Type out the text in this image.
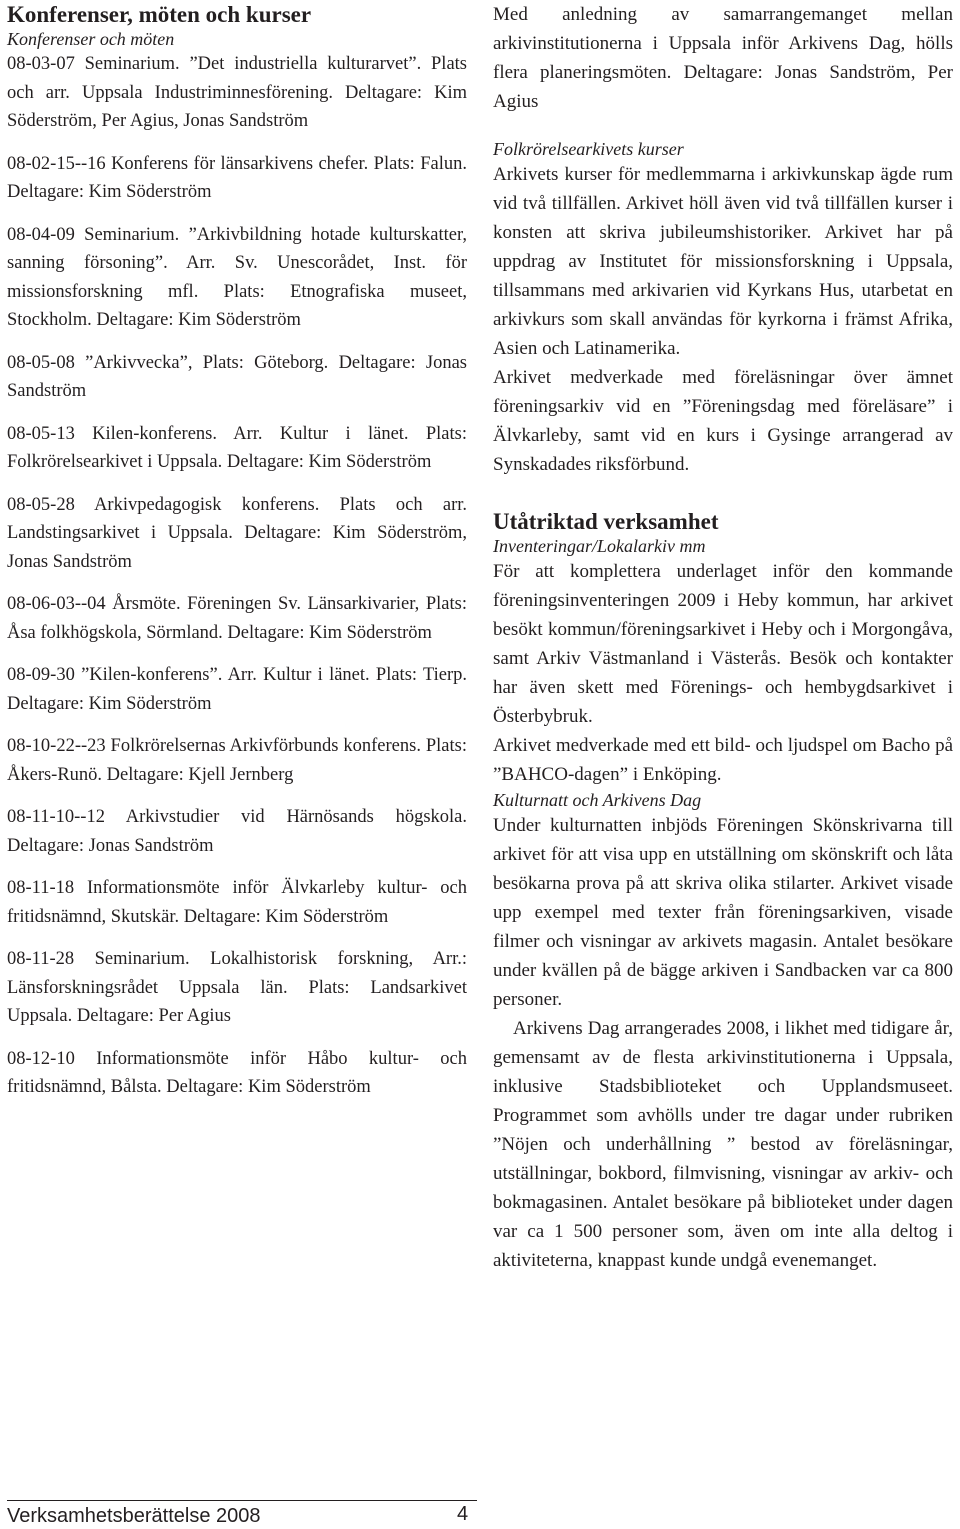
Konferenser, möten och kurser

Konferenser och möten

08-03-07 Seminarium. ”Det industriella kulturarvet”. Plats och arr. Uppsala Industriminnesförening. Deltagare: Kim Söderström, Per Agius, Jonas Sandström

08-02-15--16 Konferens för länsarkivens chefer. Plats: Falun. Deltagare: Kim Söderström

08-04-09 Seminarium. ”Arkivbildning hotade kulturskatter, sanning försoning”. Arr. Sv. Unescorådet, Inst. för missionsforskning mfl. Plats: Etnografiska museet, Stockholm. Deltagare: Kim Söderström

08-05-08 ”Arkivvecka”, Plats: Göteborg. Deltagare: Jonas Sandström

08-05-13 Kilen-konferens. Arr. Kultur i länet. Plats: Folkrörelsearkivet i Uppsala. Deltagare: Kim Söderström

08-05-28 Arkivpedagogisk konferens. Plats och arr. Landstingsarkivet i Uppsala. Deltagare: Kim Söderström, Jonas Sandström

08-06-03--04 Årsmöte. Föreningen Sv. Länsarkivarier, Plats: Åsa folkhögskola, Sörmland. Deltagare: Kim Söderström

08-09-30 ”Kilen-konferens”. Arr. Kultur i länet. Plats: Tierp. Deltagare: Kim Söderström

08-10-22--23 Folkrörelsernas Arkivförbunds konferens. Plats: Åkers-Runö. Deltagare: Kjell Jernberg

08-11-10--12 Arkivstudier vid Härnösands högskola. Deltagare: Jonas Sandström

08-11-18 Informationsmöte inför Älvkarleby kultur- och fritidsnämnd, Skutskär. Deltagare: Kim Söderström

08-11-28 Seminarium. Lokalhistorisk forskning, Arr.: Länsforskningsrådet Uppsala län. Plats: Landsarkivet Uppsala. Deltagare: Per Agius

08-12-10 Informationsmöte inför Håbo kultur- och fritidsnämnd, Bålsta. Deltagare: Kim Söderström

Med anledning av samarrangemanget mellan arkivinstitutionerna i Uppsala inför Arkivens Dag, hölls flera planeringsmöten. Deltagare: Jonas Sandström, Per Agius

Folkrörelsearkivets kurser

Arkivets kurser för medlemmarna i arkivkunskap ägde rum vid två tillfällen. Arkivet höll även vid två tillfällen kurser i konsten att skriva jubileumshistoriker. Arkivet har på uppdrag av Institutet för missionsforskning i Uppsala, tillsammans med arkivarien vid Kyrkans Hus, utarbetat en arkivkurs som skall användas för kyrkorna i främst Afrika, Asien och Latinamerika.

Arkivet medverkade med föreläsningar över ämnet föreningsarkiv vid en ”Föreningsdag med föreläsare” i Älvkarleby, samt vid en kurs i Gysinge arrangerad av Synskadades riksförbund.

Utåtriktad verksamhet

Inventeringar/Lokalarkiv mm

För att komplettera underlaget inför den kommande föreningsinventeringen 2009 i Heby kommun, har arkivet besökt kommun/föreningsarkivet i Heby och i Morgongåva, samt Arkiv Västmanland i Västerås. Besök och kontakter har även skett med Förenings- och hembygdsarkivet i Österbybruk.

Arkivet medverkade med ett bild- och ljudspel om Bacho på ”BAHCO-dagen” i Enköping.

Kulturnatt och Arkivens Dag

Under kulturnatten inbjöds Föreningen Skönskrivarna till arkivet för att visa upp en utställning om skönskrift och låta besökarna prova på att skriva olika stilarter. Arkivet visade upp exempel med texter från föreningsarkiven, visade filmer och visningar av arkivets magasin. Antalet besökare under kvällen på de bägge arkiven i Sandbacken var ca 800 personer.

Arkivens Dag arrangerades 2008, i likhet med tidigare år, gemensamt av de flesta arkivinstitutionerna i Uppsala, inklusive Stadsbiblioteket och Upplandsmuseet. Programmet som avhölls under tre dagar under rubriken ”Nöjen och underhållning ” bestod av föreläsningar, utställningar, bokbord, filmvisning, visningar av arkiv- och bokmagasinen. Antalet besökare på biblioteket under dagen var ca 1 500 personer som, även om inte alla deltog i aktiviteterna, knappast kunde undgå evenemanget.

Verksamhetsberättelse 2008	4
